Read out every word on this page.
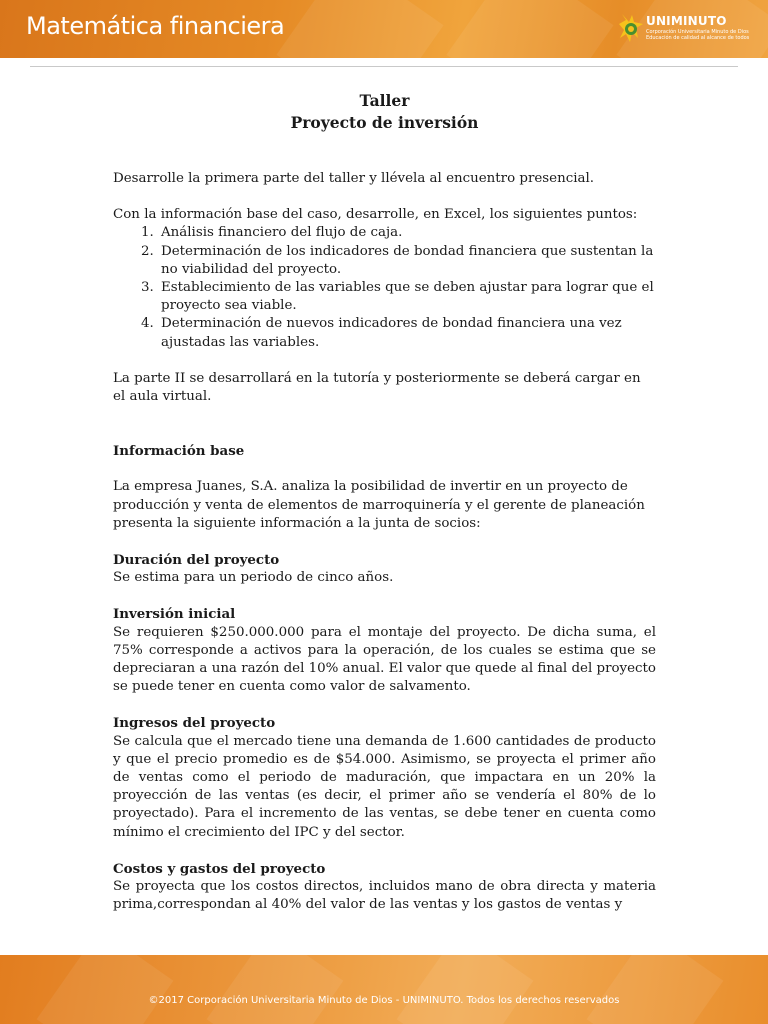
Matemática financiera	UNIMINUTO
Corporación Universitaria Minuto de Dios
Educación de calidad al alcance de todos
Taller
Proyecto de inversión

Desarrolle la primera parte del taller y llévela al encuentro presencial.

Con la información base del caso, desarrolle, en Excel, los siguientes puntos:

1. Análisis financiero del flujo de caja.
2. Determinación de los indicadores de bondad financiera que sustentan la no viabilidad del proyecto.
3. Establecimiento de las variables que se deben ajustar para lograr que el proyecto sea viable.
4. Determinación de nuevos indicadores de bondad financiera una vez ajustadas las variables.

La parte II se desarrollará en la tutoría y posteriormente se deberá cargar en el aula virtual.

Información base

La empresa Juanes, S.A. analiza la posibilidad de invertir en un proyecto de producción y venta de elementos de marroquinería y el gerente de planeación presenta la siguiente información a la junta de socios:

Duración del proyecto

Se estima para un periodo de cinco años.

Inversión inicial

Se requieren $250.000.000 para el montaje del proyecto. De dicha suma, el 75% corresponde a activos para la operación, de los cuales se estima que se depreciaran a una razón del 10% anual. El valor que quede al final del proyecto se puede tener en cuenta como valor de salvamento.

Ingresos del proyecto

Se calcula que el mercado tiene una demanda de 1.600 cantidades de producto y que el precio promedio es de $54.000. Asimismo, se proyecta el primer año de ventas como el periodo de maduración, que impactara en un 20% la proyección de las ventas (es decir, el primer año se vendería el 80% de lo proyectado). Para el incremento de las ventas, se debe tener en cuenta como mínimo el crecimiento del IPC y del sector.

Costos y gastos del proyecto

Se proyecta que los costos directos, incluidos mano de obra directa y materia prima,correspondan al 40% del valor de las ventas y los gastos de ventas y

©2017 Corporación Universitaria Minuto de Dios - UNIMINUTO. Todos los derechos reservados
